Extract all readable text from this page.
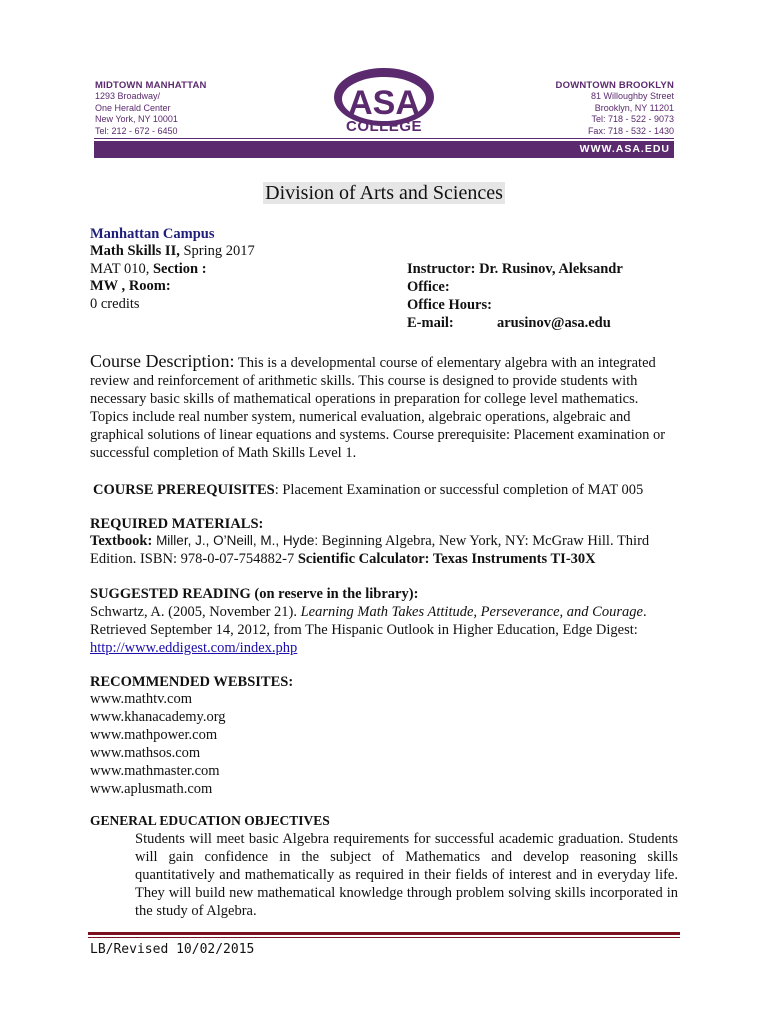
MIDTOWN MANHATTAN
1293 Broadway/
One Herald Center
New York, NY 10001
Tel: 212 - 672 - 6450
ASA
COLLEGE
DOWNTOWN BROOKLYN
81 Willoughby Street
Brooklyn, NY 11201
Tel: 718 - 522 - 9073
Fax: 718 - 532 - 1430
WWW.ASA.EDU
Division of Arts and Sciences
Manhattan Campus
Math Skills II, Spring 2017
MAT 010, Section :
MW , Room:
0 credits
Instructor: Dr. Rusinov, Aleksandr
Office:
Office Hours:
E-mail:	arusinov@asa.edu
Course Description: This is a developmental course of elementary algebra with an integrated review and reinforcement of arithmetic skills. This course is designed to provide students with necessary basic skills of mathematical operations in preparation for college level mathematics. Topics include real number system, numerical evaluation, algebraic operations, algebraic and graphical solutions of linear equations and systems. Course prerequisite: Placement examination or successful completion of Math Skills Level 1.
COURSE PREREQUISITES: Placement Examination or successful completion of MAT 005
REQUIRED MATERIALS:
Textbook: Miller, J., O’Neill, M., Hyde: Beginning Algebra, New York, NY: McGraw Hill. Third Edition. ISBN: 978-0-07-754882-7 Scientific Calculator: Texas Instruments TI-30X
SUGGESTED READING (on reserve in the library):
Schwartz, A. (2005, November 21). Learning Math Takes Attitude, Perseverance, and Courage. Retrieved September 14, 2012, from The Hispanic Outlook in Higher Education, Edge Digest:
http://www.eddigest.com/index.php
RECOMMENDED WEBSITES:
www.mathtv.com
www.khanacademy.org
www.mathpower.com
www.mathsos.com
www.mathmaster.com
www.aplusmath.com
GENERAL EDUCATION OBJECTIVES
Students will meet basic Algebra requirements for successful academic graduation. Students will gain confidence in the subject of Mathematics and develop reasoning skills quantitatively and mathematically as required in their fields of interest and in everyday life. They will build new mathematical knowledge through problem solving skills incorporated in the study of Algebra.
LB/Revised 10/02/2015
